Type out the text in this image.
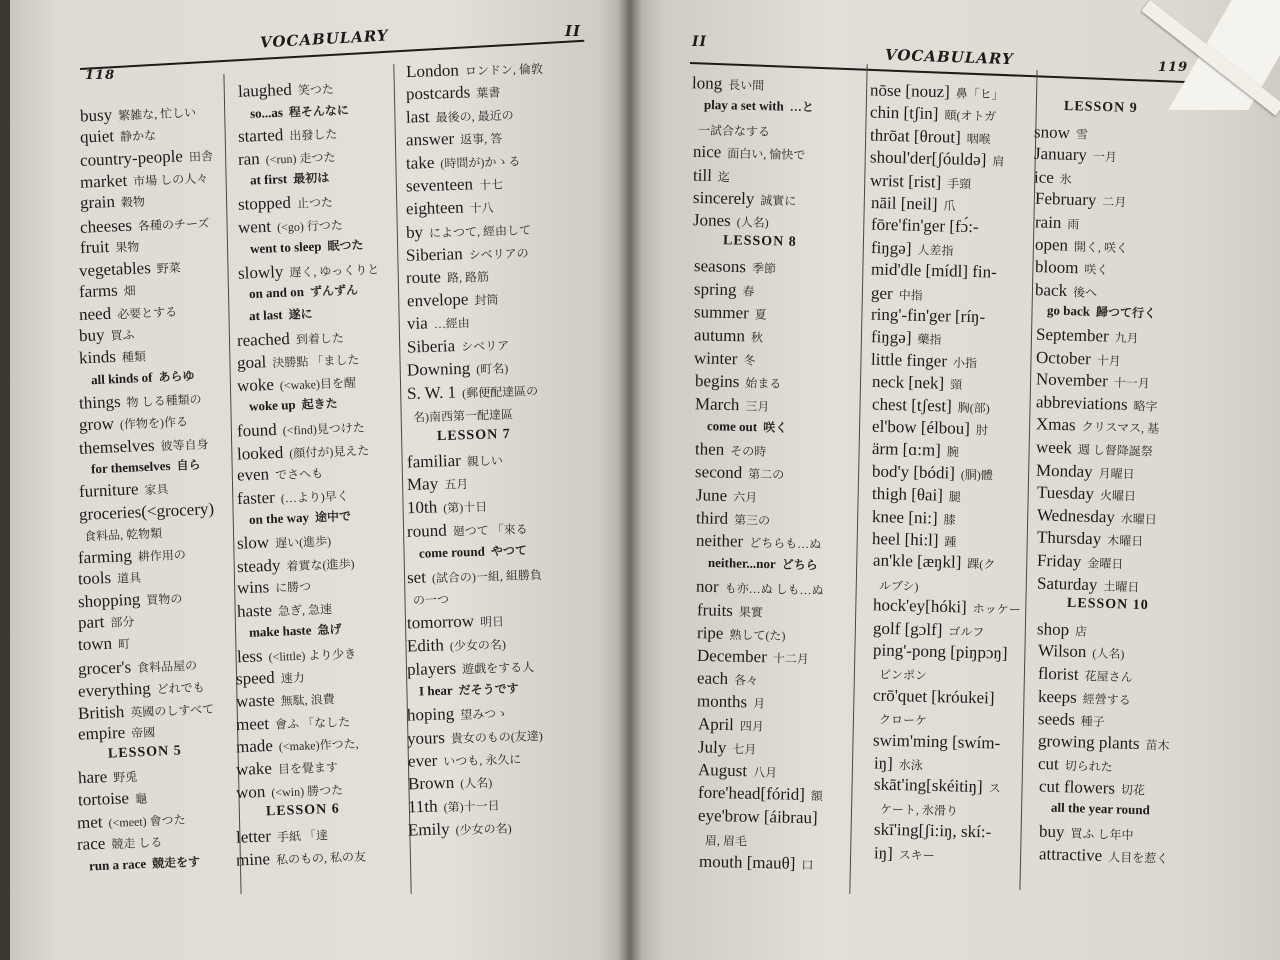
VOCABULARY	II
118
busy 繁雑な, 忙しい
quiet 静かな
country-people 田舎
market 市場 しの人々
grain 穀物
cheeses 各種のチーズ
fruit 果物
vegetables 野菜
farms 畑
need 必要とする
buy 買ふ
kinds 種類
all kinds of あらゆ
things 物 しる種類の
grow (作物を)作る
themselves 彼等自身
for themselves 自ら
furniture 家具
groceries(<grocery)
食料品, 乾物類
farming 耕作用の
tools 道具
shopping 買物の
part 部分
town 町
grocer's 食料品屋の
everything どれでも
British 英國のしすべて
empire 帝國
LESSON 5
hare 野兎
tortoise 龜
met (<meet) 會つた
race 競走 しる
run a race 競走をす
laughed 笑つた
so...as 程そんなに
started 出發した
ran (<run) 走つた
at first 最初は
stopped 止つた
went (<go) 行つた
went to sleep 眠つた
slowly 遅く, ゆっくりと
on and on ずんずん
at last 遂に
reached 到着した
goal 決勝點 「ました
woke (<wake)目を醒
woke up 起きた
found (<find)見つけた
looked (顔付が)見えた
even でさへも
faster (…より)早く
on the way 途中で
slow 遅い(進歩)
steady 着實な(進歩)
wins に勝つ
haste 急ぎ, 急速
make haste 急げ
less (<little) より少き
speed 速力
waste 無駄, 浪費
meet 會ふ 「なした
made (<make)作つた,
wake 目を覺ます
won (<win) 勝つた
LESSON 6
letter 手紙 「達
mine 私のもの, 私の友
London ロンドン, 倫敦
postcards 葉書
last 最後の, 最近の
answer 返事, 答
take (時間が)かゝる
seventeen 十七
eighteen 十八
by によつて, 經由して
Siberian シベリアの
route 路, 路筋
envelope 封筒
via …經由
Siberia シベリア
Downing (町名)
S. W. 1 (郵便配達區の
名)南西第一配達區
LESSON 7
familiar 親しい
May 五月
10th (第)十日
round 廻つて 「來る
come round やつて
set (試合の)一組, 組勝負
の一つ
tomorrow 明日
Edith (少女の名)
players 遊戯をする人
I hear だそうです
hoping 望みつゝ
yours 貴女のもの(友達)
ever いつも, 永久に
Brown (人名)
11th (第)十一日
Emily (少女の名)
II
VOCABULARY	119
long 長い間
play a set with …と
一試合なする
nice 面白い, 愉快で
till 迄
sincerely 誠實に
Jones (人名)
LESSON 8
seasons 季節
spring 春
summer 夏
autumn 秋
winter 冬
begins 始まる
March 三月
come out 咲く
then その時
second 第二の
June 六月
third 第三の
neither どちらも…ぬ
neither...nor どちら
nor も亦…ぬ しも…ぬ
fruits 果實
ripe 熟して(た)
December 十二月
each 各々
months 月
April 四月
July 七月
August 八月
fore'head[fórid] 額
eye'brow [áibrau]
眉, 眉毛
mouth [mauθ] 口
nōse [nouz] 鼻「ヒ」
chin [tʃin] 頤(オトガ
thrōat [θrout] 咽喉
shoul'der[ʃóuldə] 肩
wrist [rist] 手頸
nāil [neil] 爪
fōre'fin'ger [fɔ́:-
fiŋgə] 人差指
mid'dle [mídl] fin-
ger 中指
ring'-fin'ger [ríŋ-
fiŋgə] 藥指
little finger 小指
neck [nek] 頸
chest [tʃest] 胸(部)
el'bow [élbou] 肘
ärm [ɑ:m] 腕
bod'y [bódi] (胴)體
thigh [θai] 腿
knee [ni:] 膝
heel [hi:l] 踵
an'kle [æŋkl] 踝(ク
ルブシ)
hock'ey[hóki] ホッケー
golf [gɔlf] ゴルフ
ping'-pong [piŋpɔŋ]
ピンポン
crō'quet [króukei]
クローケ
swim'ming [swím-
iŋ] 水泳
skāt'ing[skéitiŋ] ス
ケート, 氷滑り
skī'ing[ʃi:iŋ, skí:-
iŋ] スキー
LESSON 9
snow 雪
January 一月
ice 氷
February 二月
rain 雨
open 開く, 咲く
bloom 咲く
back 後へ
go back 歸つて行く
September 九月
October 十月
November 十一月
abbreviations 略字
Xmas クリスマス, 基
week 週 し督降誕祭
Monday 月曜日
Tuesday 火曜日
Wednesday 水曜日
Thursday 木曜日
Friday 金曜日
Saturday 土曜日
LESSON 10
shop 店
Wilson (人名)
florist 花屋さん
keeps 經營する
seeds 種子
growing plants 苗木
cut 切られた
cut flowers 切花
all the year round
buy 買ふ し年中
attractive 人目を惹く
